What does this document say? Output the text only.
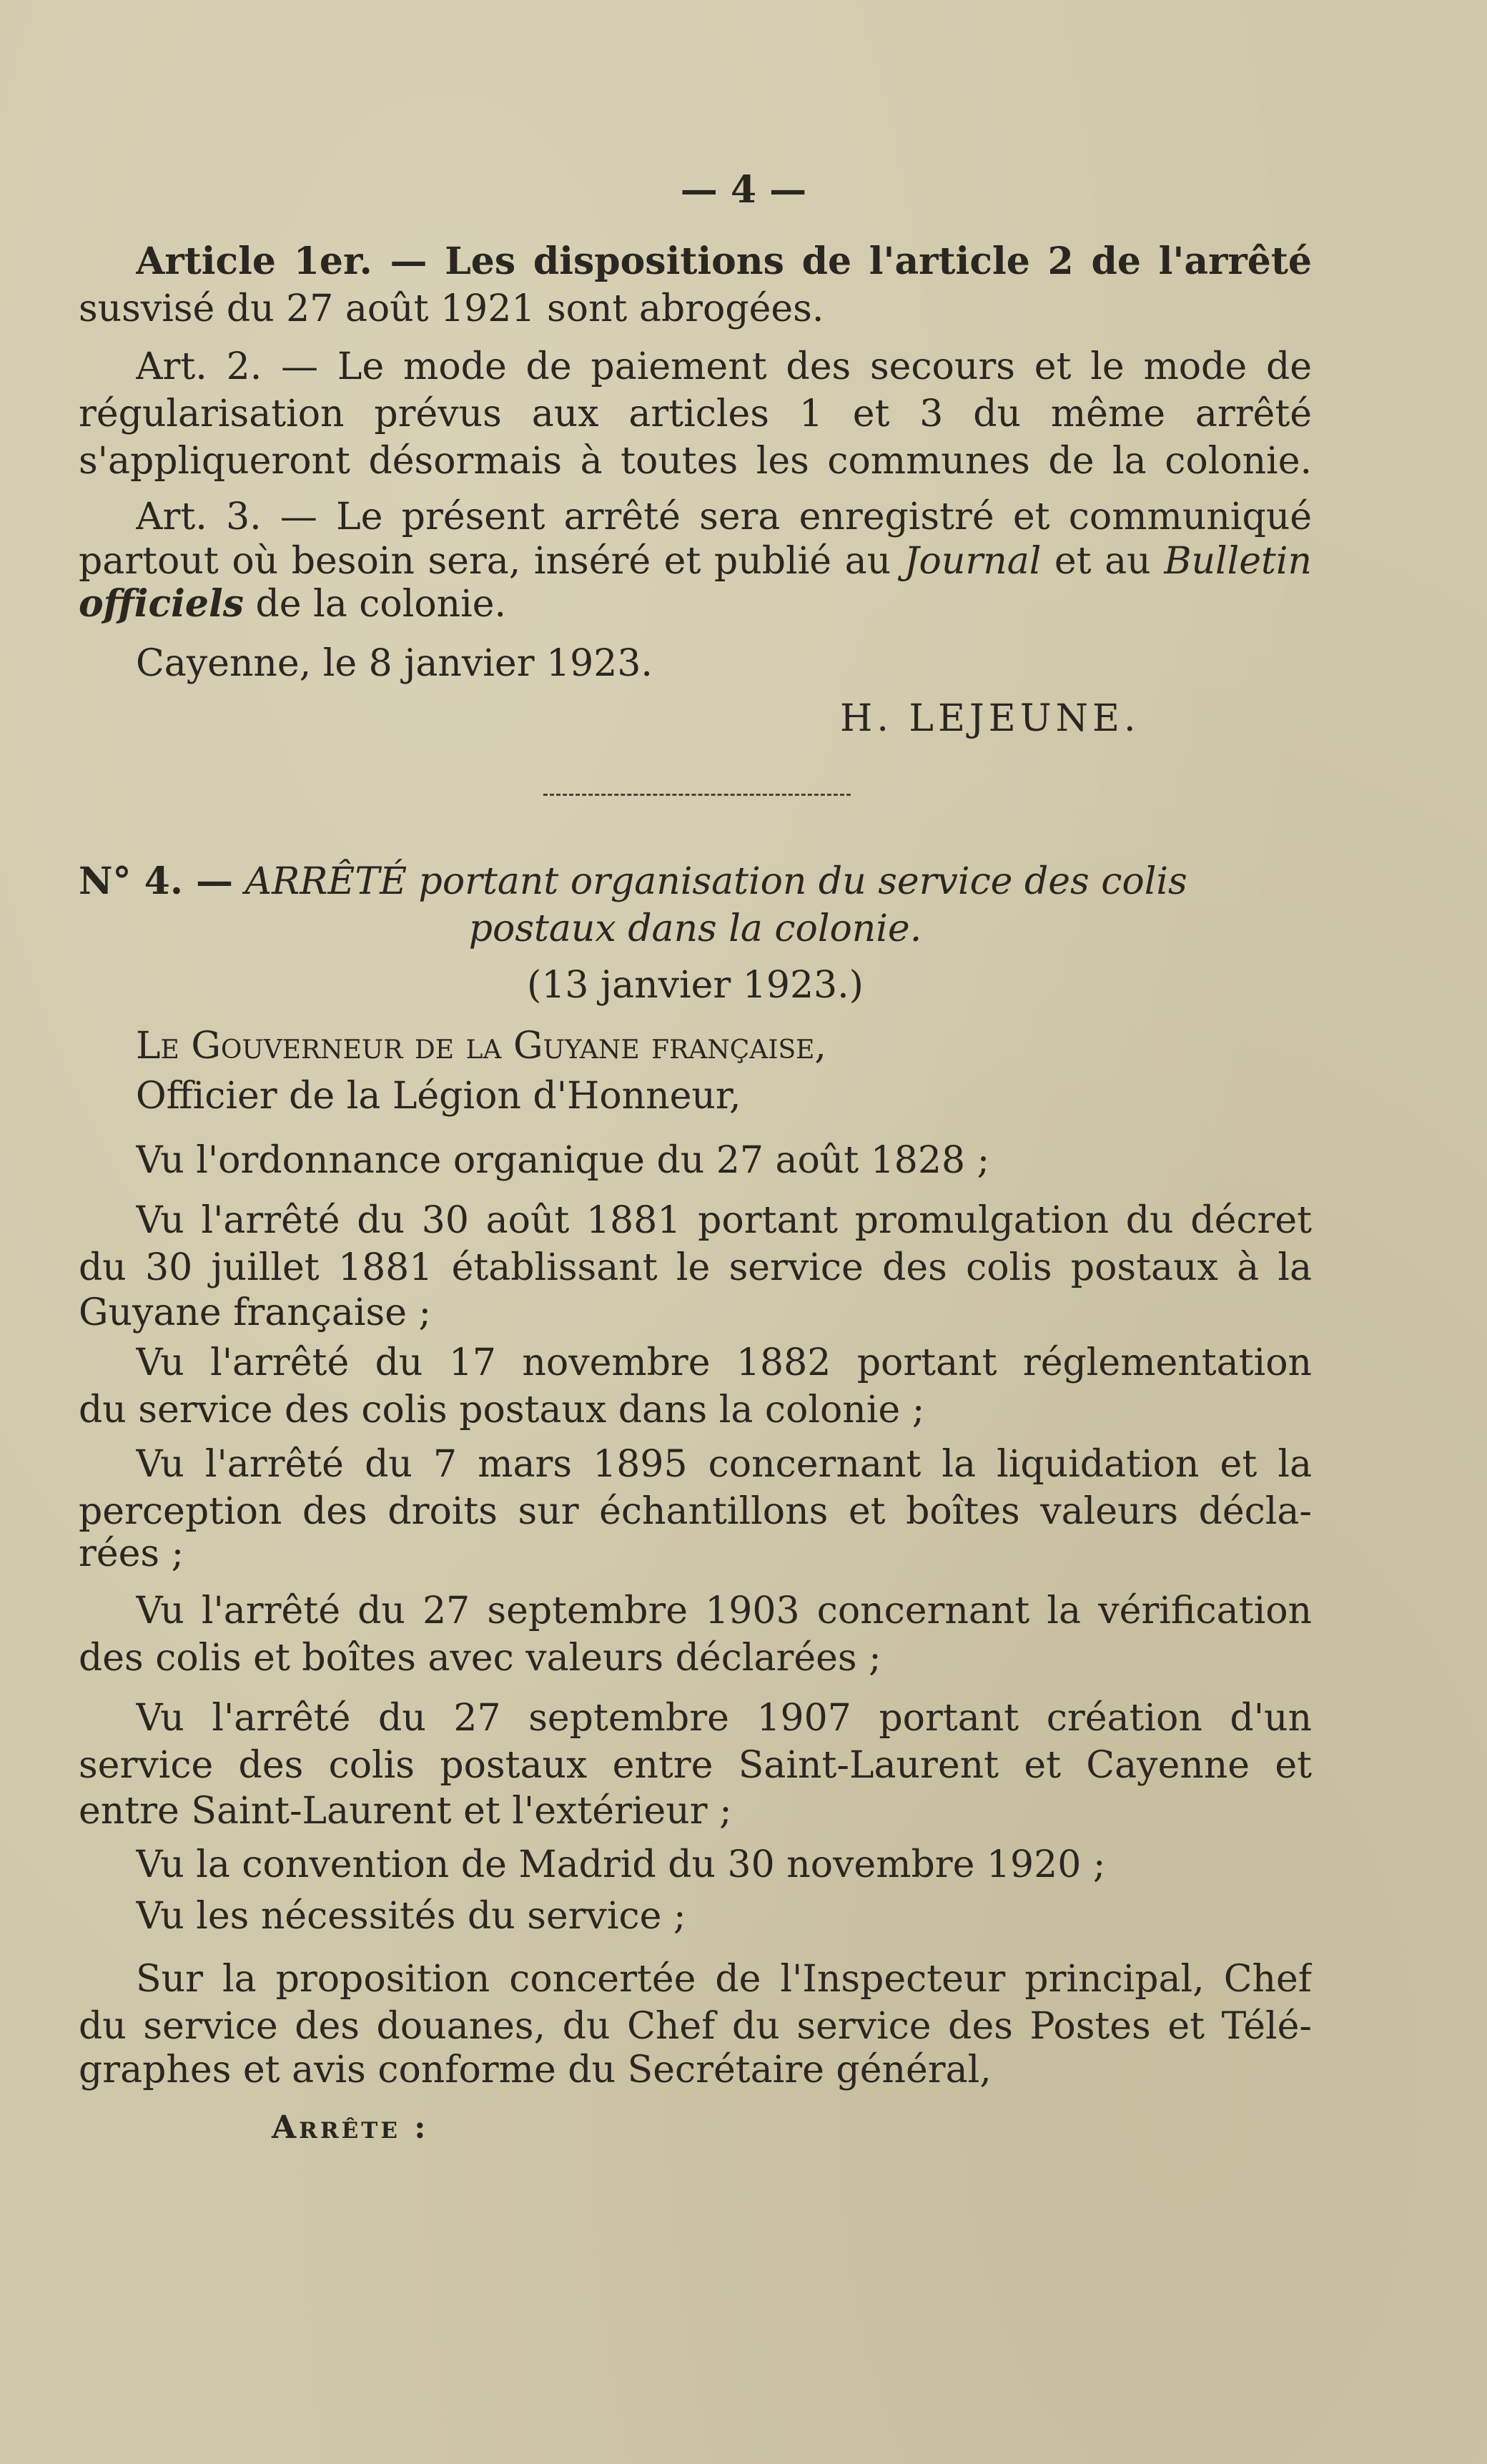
— 4 —
Article 1er. — Les dispositions de l'article 2 de l'arrêté
susvisé du 27 août 1921 sont abrogées.
Art. 2. — Le mode de paiement des secours et le mode de
régularisation prévus aux articles 1 et 3 du même arrêté
s'appliqueront désormais à toutes les communes de la colonie.
Art. 3. — Le présent arrêté sera enregistré et communiqué
partout où besoin sera, inséré et publié au Journal et au Bulletin
officiels de la colonie.
Cayenne, le 8 janvier 1923.
H. LEJEUNE.
N° 4. — ARRÊTÉ portant organisation du service des colis
postaux dans la colonie.
(13 janvier 1923.)
Le Gouverneur de la Guyane française,
Officier de la Légion d'Honneur,
Vu l'ordonnance organique du 27 août 1828 ;
Vu l'arrêté du 30 août 1881 portant promulgation du décret
du 30 juillet 1881 établissant le service des colis postaux à la
Guyane française ;
Vu l'arrêté du 17 novembre 1882 portant réglementation
du service des colis postaux dans la colonie ;
Vu l'arrêté du 7 mars 1895 concernant la liquidation et la
perception des droits sur échantillons et boîtes valeurs décla-
rées ;
Vu l'arrêté du 27 septembre 1903 concernant la vérification
des colis et boîtes avec valeurs déclarées ;
Vu l'arrêté du 27 septembre 1907 portant création d'un
service des colis postaux entre Saint-Laurent et Cayenne et
entre Saint-Laurent et l'extérieur ;
Vu la convention de Madrid du 30 novembre 1920 ;
Vu les nécessités du service ;
Sur la proposition concertée de l'Inspecteur principal, Chef
du service des douanes, du Chef du service des Postes et Télé-
graphes et avis conforme du Secrétaire général,
Arrête :
